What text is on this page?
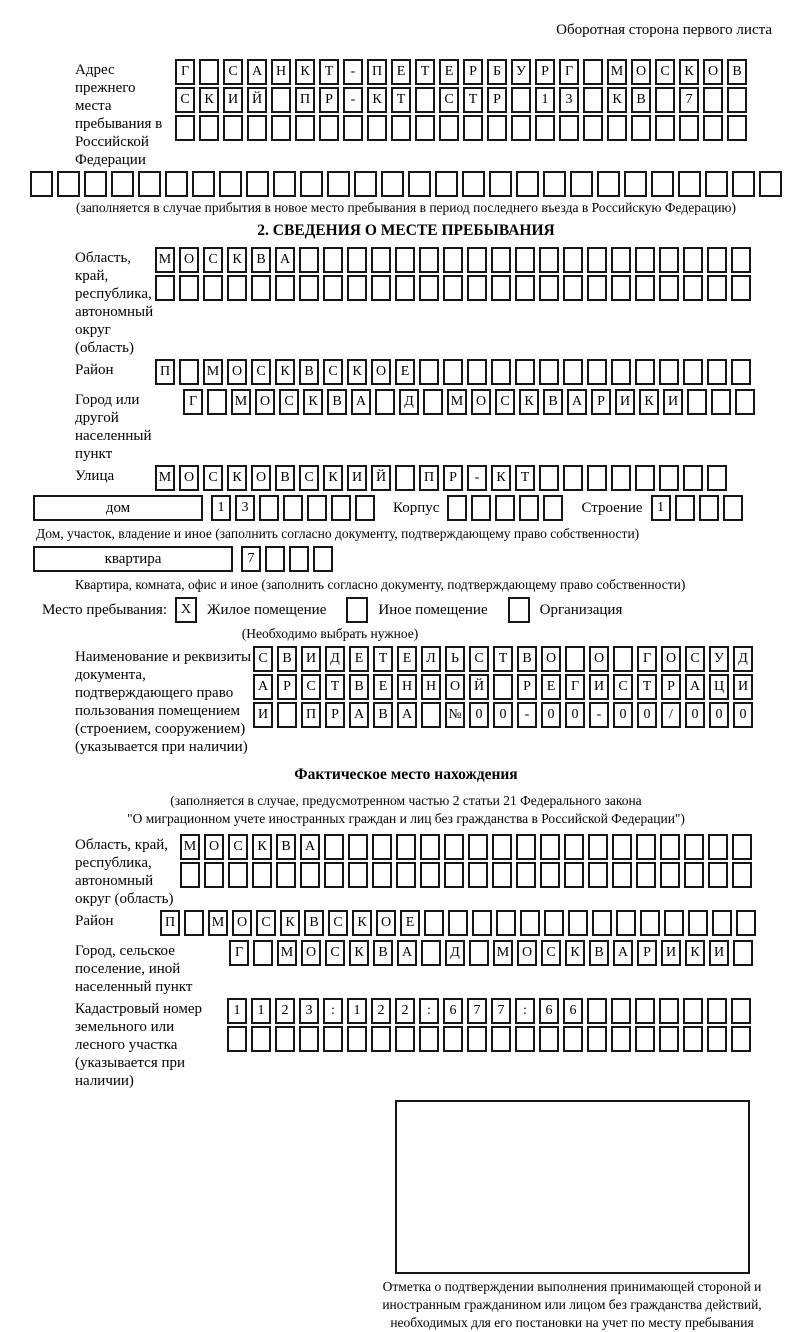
Оборотная сторона первого листа
Адрес прежнего места пребывания в Российской Федерации
Г	С	А Н	К	Т	-	П	Е	Т	Е	Р	Б	У	Р	Г	М О	С	К	О	В
С	К	И Й	П	Р	-	К	Т	С	Т	Р	1	3	К	В	7
(заполняется в случае прибытия в новое место пребывания в период последнего въезда в Российскую Федерацию)
2. СВЕДЕНИЯ О МЕСТЕ ПРЕБЫВАНИЯ
Область, край, республика, автономный округ (область)
М О	С	К	В	А
Район	П	М О	С	К	В	С	К	О	Е
Город или другой населенный пункт
Г	М О	С	К	В	А	Д	М О	С	К	В	А	Р	И	К	И
Улица	М О	С	К	О	В	С	К	И Й	П	Р	-	К	Т
дом	1	3	Корпус	Строение	1
Дом, участок, владение и иное (заполнить согласно документу, подтверждающему право собственности)
квартира	7
Квартира, комната, офис и иное (заполнить согласно документу, подтверждающему право собственности)
Место пребывания: X	Жилое помещение	Иное помещение	Организация
(Необходимо выбрать нужное)
Наименование и реквизиты документа, подтверждающего право пользования помещением (строением, сооружением) (указывается при наличии)
С	В	И	Д	Е	Т	Е	Л	Ь	С	Т	В	О	О	Г	О	С	У	Д
А	Р	С	Т	В	Е	Н Н О Й	Р	Е	Г	И	С	Т	Р	А Ц И
И	П	Р	А	В	А	№ 0	0	-	0	0	-	0	0	/	0	0	0
Фактическое место нахождения
(заполняется в случае, предусмотренном частью 2 статьи 21 Федерального закона
"О миграционном учете иностранных граждан и лиц без гражданства в Российской Федерации")
Область, край, республика, автономный округ (область)
М О	С	К	В	А
Район	П	М О	С	К	В	С	К	О	Е
Город, сельское поселение, иной населенный пункт
Г	М О	С	К	В	А	Д	М О	С	К	В	А	Р	И	К	И
Кадастровый номер земельного или лесного участка (указывается при наличии)
1	1	2	3	:	1	2	2	:	6	7	7	:	6	6
Отметка о подтверждении выполнения принимающей стороной и иностранным гражданином или лицом без гражданства действий, необходимых для его постановки на учет по месту пребывания
